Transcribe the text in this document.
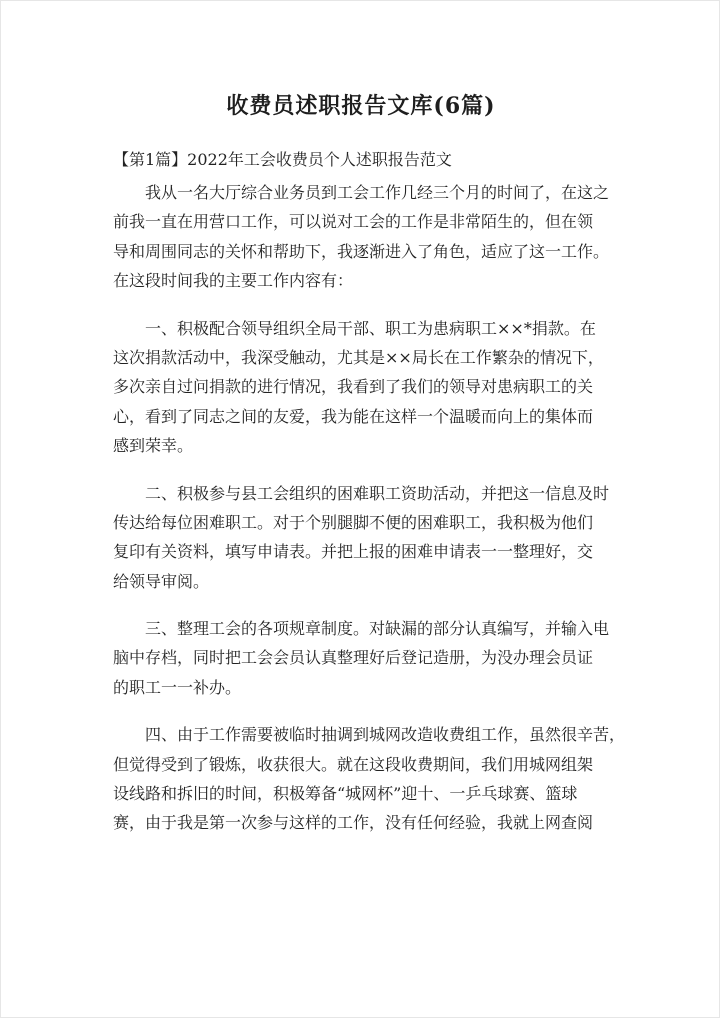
收费员述职报告文库(6篇)
【第1篇】2022年工会收费员个人述职报告范文
我从一名大厅综合业务员到工会工作几经三个月的时间了，在这之
前我一直在用营口工作，可以说对工会的工作是非常陌生的，但在领
导和周围同志的关怀和帮助下，我逐渐进入了角色，适应了这一工作。
在这段时间我的主要工作内容有：
一、积极配合领导组织全局干部、职工为患病职工××*捐款。在
这次捐款活动中，我深受触动，尤其是××局长在工作繁杂的情况下，
多次亲自过问捐款的进行情况，我看到了我们的领导对患病职工的关
心，看到了同志之间的友爱，我为能在这样一个温暖而向上的集体而
感到荣幸。
二、积极参与县工会组织的困难职工资助活动，并把这一信息及时
传达给每位困难职工。对于个别腿脚不便的困难职工，我积极为他们
复印有关资料，填写申请表。并把上报的困难申请表一一整理好，交
给领导审阅。
三、整理工会的各项规章制度。对缺漏的部分认真编写，并输入电
脑中存档，同时把工会会员认真整理好后登记造册，为没办理会员证
的职工一一补办。
四、由于工作需要被临时抽调到城网改造收费组工作，虽然很辛苦，
但觉得受到了锻炼，收获很大。就在这段收费期间，我们用城网组架
设线路和拆旧的时间，积极筹备“城网杯”迎十、一乒乓球赛、篮球
赛，由于我是第一次参与这样的工作，没有任何经验，我就上网查阅
